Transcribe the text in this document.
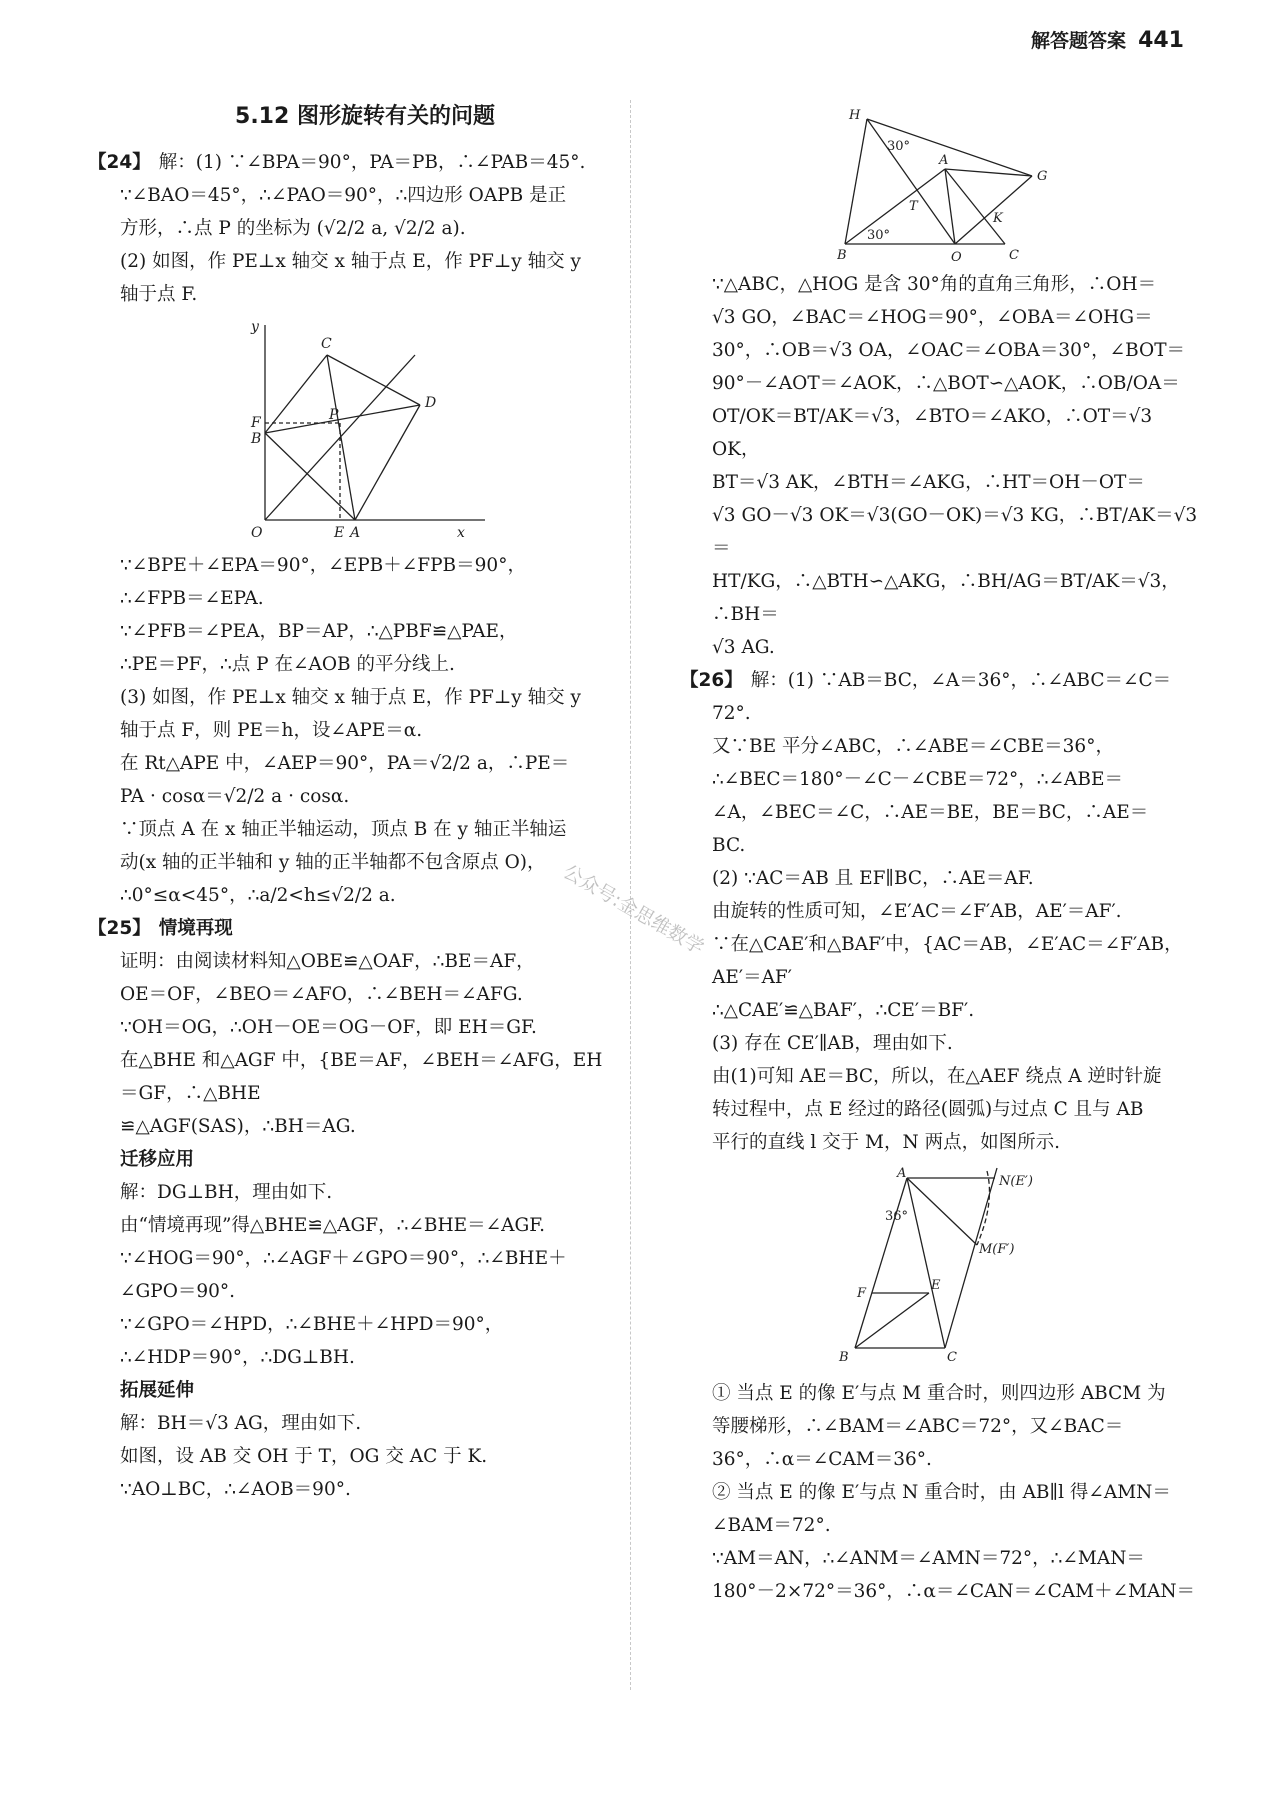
解答题答案 441
5.12 图形旋转有关的问题

【24】 解：(1) ∵∠BPA＝90°，PA＝PB，∴∠PAB＝45°.

∵∠BAO＝45°，∴∠PAO＝90°，∴四边形 OAPB 是正

方形，∴点 P 的坐标为 (√2/2 a, √2/2 a).

(2) 如图，作 PE⊥x 轴交 x 轴于点 E，作 PF⊥y 轴交 y

轴于点 F.

y
C
D
F	P
B
O	E A	x

∵∠BPE＋∠EPA＝90°，∠EPB＋∠FPB＝90°，

∴∠FPB＝∠EPA.

∵∠PFB＝∠PEA，BP＝AP，∴△PBF≌△PAE，

∴PE＝PF，∴点 P 在∠AOB 的平分线上.

(3) 如图，作 PE⊥x 轴交 x 轴于点 E，作 PF⊥y 轴交 y

轴于点 F，则 PE＝h，设∠APE＝α.

在 Rt△APE 中，∠AEP＝90°，PA＝√2/2 a，∴PE＝

PA · cosα＝√2/2 a · cosα.

∵顶点 A 在 x 轴正半轴运动，顶点 B 在 y 轴正半轴运

动(x 轴的正半轴和 y 轴的正半轴都不包含原点 O)，

∴0°≤α<45°，∴a/2<h≤√2/2 a.

【25】 情境再现

证明：由阅读材料知△OBE≌△OAF，∴BE＝AF，

OE＝OF，∠BEO＝∠AFO，∴∠BEH＝∠AFG.

∵OH＝OG，∴OH－OE＝OG－OF，即 EH＝GF.

在△BHE 和△AGF 中，{BE＝AF，∠BEH＝∠AFG，EH＝GF，∴△BHE

≌△AGF(SAS)，∴BH＝AG.

迁移应用

解：DG⊥BH，理由如下.

由“情境再现”得△BHE≌△AGF，∴∠BHE＝∠AGF.

∵∠HOG＝90°，∴∠AGF＋∠GPO＝90°，∴∠BHE＋

∠GPO＝90°.

∵∠GPO＝∠HPD，∴∠BHE＋∠HPD＝90°，

∴∠HDP＝90°，∴DG⊥BH.

拓展延伸

解：BH＝√3 AG，理由如下.

如图，设 AB 交 OH 于 T，OG 交 AC 于 K.

∵AO⊥BC，∴∠AOB＝90°.

H
30°
A
G
T
K
B
30°
O	C

∵△ABC，△HOG 是含 30°角的直角三角形，∴OH＝

√3 GO，∠BAC＝∠HOG＝90°，∠OBA＝∠OHG＝

30°，∴OB＝√3 OA，∠OAC＝∠OBA＝30°，∠BOT＝

90°－∠AOT＝∠AOK，∴△BOT∽△AOK，∴OB/OA＝

OT/OK＝BT/AK＝√3，∠BTO＝∠AKO，∴OT＝√3 OK，

BT＝√3 AK，∠BTH＝∠AKG，∴HT＝OH－OT＝

√3 GO－√3 OK＝√3(GO－OK)＝√3 KG，∴BT/AK＝√3＝

HT/KG，∴△BTH∽△AKG，∴BH/AG＝BT/AK＝√3，∴BH＝

√3 AG.

【26】 解：(1) ∵AB＝BC，∠A＝36°，∴∠ABC＝∠C＝72°.

又∵BE 平分∠ABC，∴∠ABE＝∠CBE＝36°，

∴∠BEC＝180°－∠C－∠CBE＝72°，∴∠ABE＝

∠A，∠BEC＝∠C，∴AE＝BE，BE＝BC，∴AE＝

BC.

(2) ∵AC＝AB 且 EF∥BC，∴AE＝AF.

由旋转的性质可知，∠E′AC＝∠F′AB，AE′＝AF′.

∵在△CAE′和△BAF′中，{AC＝AB，∠E′AC＝∠F′AB，AE′＝AF′

∴△CAE′≌△BAF′，∴CE′＝BF′.

(3) 存在 CE′∥AB，理由如下.

由(1)可知 AE＝BC，所以，在△AEF 绕点 A 逆时针旋

转过程中，点 E 经过的路径(圆弧)与过点 C 且与 AB

平行的直线 l 交于 M，N 两点，如图所示.

A
N(E′)
36°
M(F′)
F
E
B	C

① 当点 E 的像 E′与点 M 重合时，则四边形 ABCM 为

等腰梯形，∴∠BAM＝∠ABC＝72°，又∠BAC＝

36°，∴α＝∠CAM＝36°.

② 当点 E 的像 E′与点 N 重合时，由 AB∥l 得∠AMN＝

∠BAM＝72°.

∵AM＝AN，∴∠ANM＝∠AMN＝72°，∴∠MAN＝

180°－2×72°＝36°，∴α＝∠CAN＝∠CAM＋∠MAN＝

公众号:金思维数学
